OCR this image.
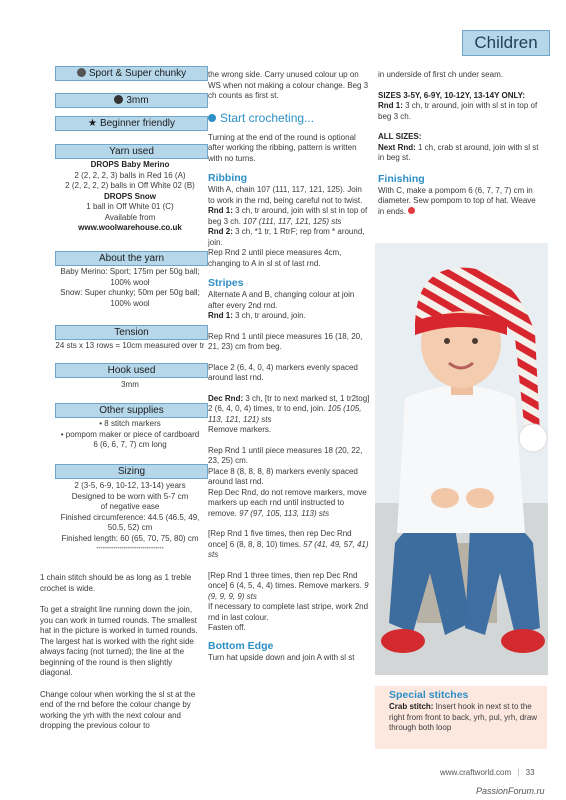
Children
Sport & Super chunky
3mm
★ Beginner friendly
Yarn used

DROPS Baby Merino

2 (2, 2, 2, 3) balls in Red 16 (A)

2 (2, 2, 2, 2) balls in Off White 02 (B)

DROPS Snow

1 ball in Off White 01 (C)

Available from

www.woolwarehouse.co.uk

About the yarn

Baby Merino: Sport; 175m per 50g ball;

100% wool

Snow: Super chunky; 50m per 50g ball;

100% wool

Tension

24 sts x 13 rows = 10cm measured over tr

Hook used

3mm

Other supplies

• 8 stitch markers

• pompom maker or piece of cardboard

6 (6, 6, 7, 7) cm long

Sizing

2 (3-5, 6-9, 10-12, 13-14) years

Designed to be worn with 5-7 cm

of negative ease

Finished circumference: 44.5 (46.5, 49,

50.5, 52) cm

Finished length: 60 (65, 70, 75, 80) cm

••••••••••••••••••••••••••••••••

1 chain stitch should be as long as 1 treble crochet is wide.

To get a straight line running down the join, you can work in turned rounds. The smallest hat in the picture is worked in turned rounds. The largest hat is worked with the right side always facing (not turned); the line at the beginning of the round is then slightly diagonal.

Change colour when working the sl st at the end of the rnd before the colour change by working the yrh with the next colour and dropping the previous colour to

the wrong side. Carry unused colour up on WS when not making a colour change. Beg 3 ch counts as first st.

Start crocheting...

Turning at the end of the round is optional after working the ribbing, pattern is written with no turns.

Ribbing

With A, chain 107 (111, 117, 121, 125). Join to work in the rnd, being careful not to twist.

Rnd 1: 3 ch, tr around, join with sl st in top of beg 3 ch. 107 (111, 117, 121, 125) sts

Rnd 2: 3 ch, *1 tr, 1 RtrF; rep from * around, join.

Rep Rnd 2 until piece measures 4cm, changing to A in sl st of last rnd.

Stripes

Alternate A and B, changing colour at join after every 2nd rnd.

Rnd 1: 3 ch, tr around, join.

Rep Rnd 1 until piece measures 16 (18, 20, 21, 23) cm from beg.

Place 2 (6, 4, 0, 4) markers evenly spaced around last rnd.

Dec Rnd: 3 ch, [tr to next marked st, 1 tr2tog] 2 (6, 4, 0, 4) times, tr to end, join. 105 (105, 113, 121, 121) sts

Remove markers.

Rep Rnd 1 until piece measures 18 (20, 22, 23, 25) cm.

Place 8 (8, 8, 8, 8) markers evenly spaced around last rnd.

Rep Dec Rnd, do not remove markers, move markers up each rnd until instructed to remove. 97 (97, 105, 113, 113) sts

[Rep Rnd 1 five times, then rep Dec Rnd once] 6 (8, 8, 8, 10) times. 57 (41, 49, 57, 41) sts

[Rep Rnd 1 three times, then rep Dec Rnd once] 6 (4, 5, 4, 4) times. Remove markers. 9 (9, 9, 9, 9) sts

If necessary to complete last stripe, work 2nd rnd in last colour.

Fasten off.

Bottom Edge

Turn hat upside down and join A with sl st

in underside of first ch under seam.

SIZES 3-5Y, 6-9Y, 10-12Y, 13-14Y ONLY:

Rnd 1: 3 ch, tr around, join with sl st in top of beg 3 ch.

ALL SIZES:

Next Rnd: 1 ch, crab st around, join with sl st in beg st.

Finishing

With C, make a pompom 6 (6, 7, 7, 7) cm in diameter. Sew pompom to top of hat. Weave in ends.

Special stitches

Crab stitch: Insert hook in next st to the right from front to back, yrh, pul, yrh, draw through both loop

www.craftworld.com | 33
PassionForum.ru
